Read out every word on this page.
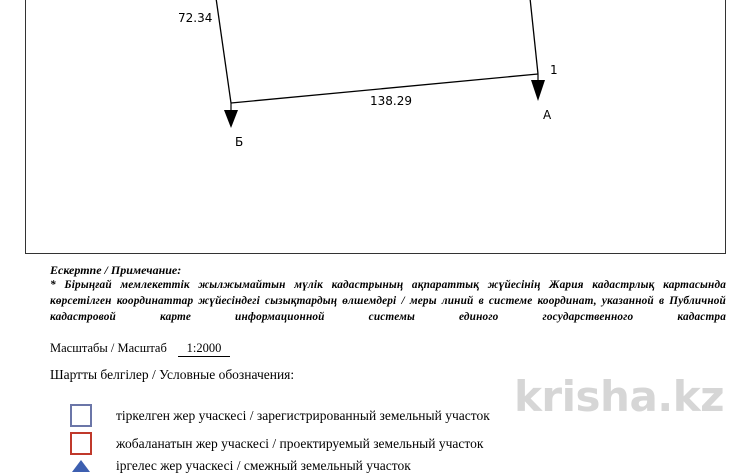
72.34
138.29
1
А
Б
Ескертпе / Примечание:
* Бірыңғай мемлекеттік жылжымайтын мүлік кадастрының ақпараттық жүйесінің Жария кадастрлық картасында көрсетілген координаттар жүйесіндегі сызықтардың өлшемдері / меры линий в системе координат, указанной в Публичной кадастровой карте информационной системы единого государственного кадастра
Масштабы / Масштаб 1:2000
Шартты белгілер / Условные обозначения:
тіркелген жер учаскесі / зарегистрированный земельный участок
жобаланатын жер учаскесі / проектируемый земельный участок
іргелес жер учаскесі / смежный земельный участок
krisha.kz
